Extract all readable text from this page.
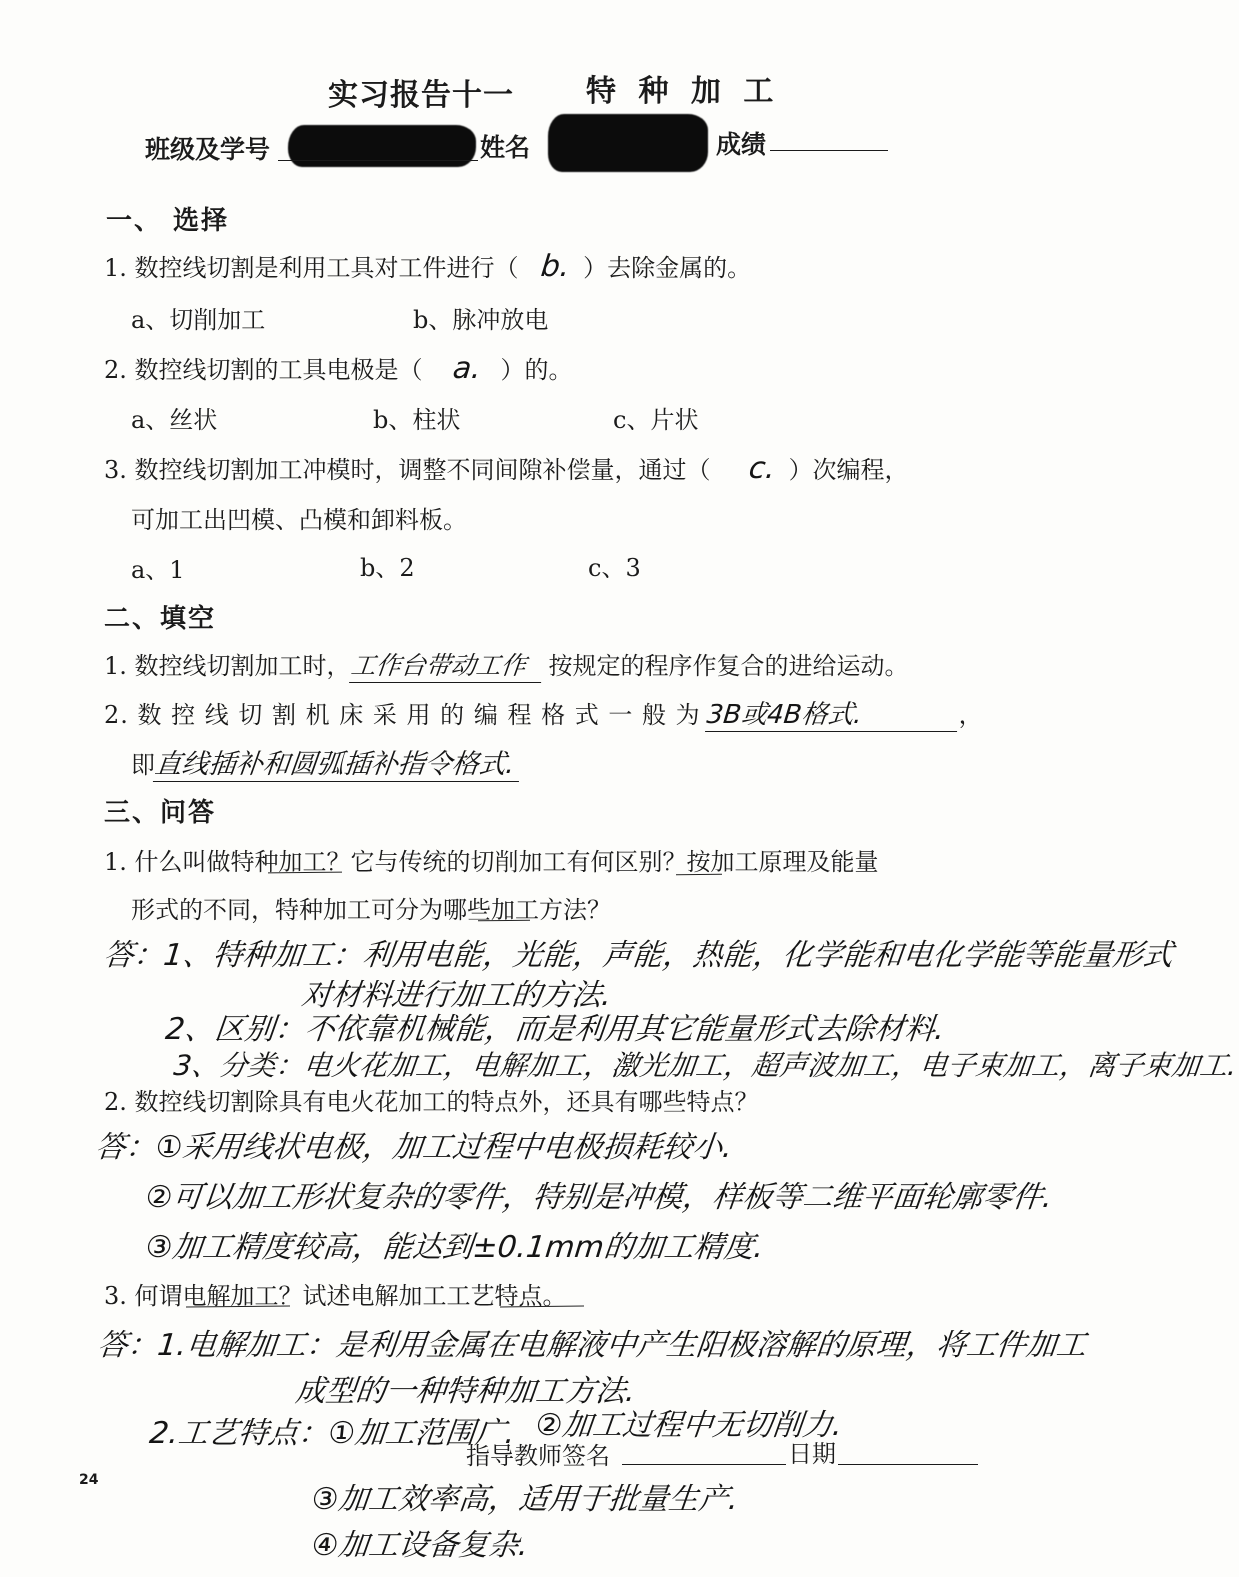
实习报告十一 特 种 加 工
班级及学号	姓名	成绩
一、 选择
1. 数控线切割是利用工具对工件进行（ b. ）去除金属的。
a、切削加工	b、脉冲放电
2. 数控线切割的工具电极是（ a. ）的。
a、丝状	b、柱状	c、片状
3. 数控线切割加工冲模时，调整不同间隙补偿量，通过（ c. ）次编程，
可加工出凹模、凸模和卸料板。
a、1	b、2	c、3
二、填空
1. 数控线切割加工时，工作台带动工作 按规定的程序作复合的进给运动。
2. 数 控 线 切 割 机 床 采 用 的 编 程 格 式 一 般 为 3B或4B格式.	，
即直线插补和圆弧插补指令格式.
三、问答
1. 什么叫做特种加工？它与传统的切削加工有何区别？按加工原理及能量
形式的不同，特种加工可分为哪些加工方法？
答：1、特种加工：利用电能，光能，声能，热能，化学能和电化学能等能量形式
对材料进行加工的方法.
2、区别：不依靠机械能，而是利用其它能量形式去除材料.
3、分类：电火花加工，电解加工，激光加工，超声波加工，电子束加工，离子束加工.
2. 数控线切割除具有电火花加工的特点外，还具有哪些特点？
答：①采用线状电极，加工过程中电极损耗较小.
②可以加工形状复杂的零件，特别是冲模，样板等二维平面轮廓零件.
③加工精度较高，能达到±0.1mm的加工精度.
3. 何谓电解加工？试述电解加工工艺特点。
答：1.电解加工：是利用金属在电解液中产生阳极溶解的原理，将工件加工
成型的一种特种加工方法.
2.工艺特点：①加工范围广. ②加工过程中无切削力.
③加工效率高，适用于批量生产.
④加工设备复杂.
指导教师签名	日期
24
